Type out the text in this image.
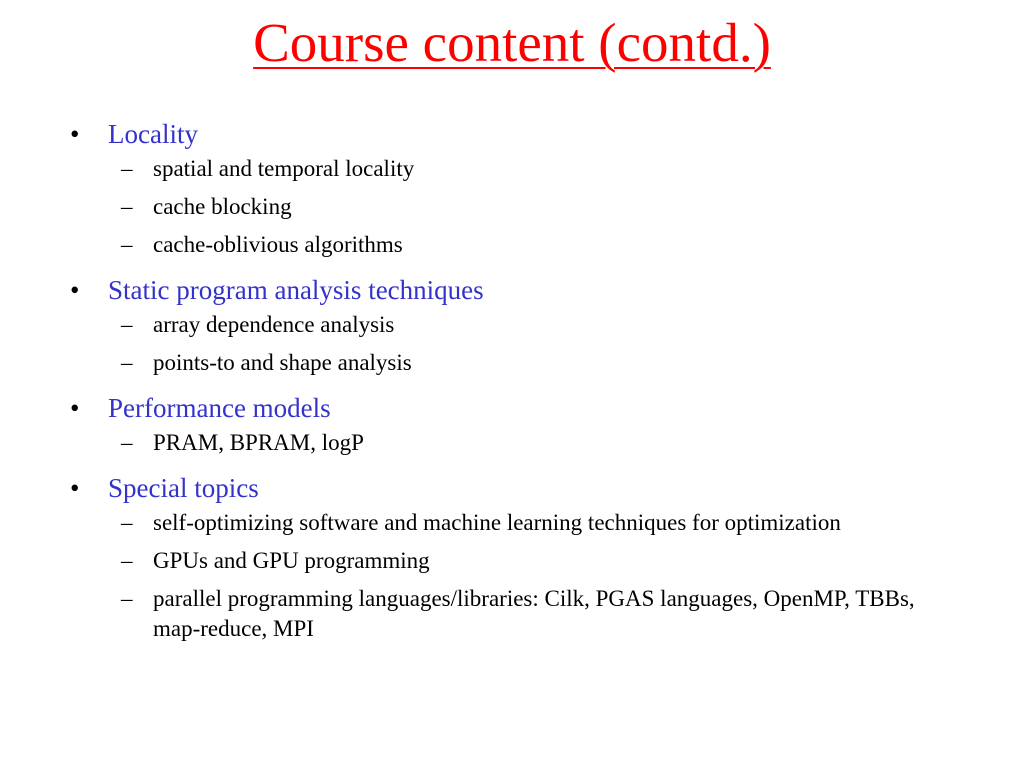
Course content (contd.)
• Locality
– spatial and temporal locality
– cache blocking
– cache-oblivious algorithms
• Static program analysis techniques
– array dependence analysis
– points-to and shape analysis
• Performance models
– PRAM, BPRAM, logP
• Special topics
– self-optimizing software and machine learning techniques for optimization
– GPUs and GPU programming
– parallel programming languages/libraries: Cilk, PGAS languages, OpenMP, TBBs, map-reduce, MPI
